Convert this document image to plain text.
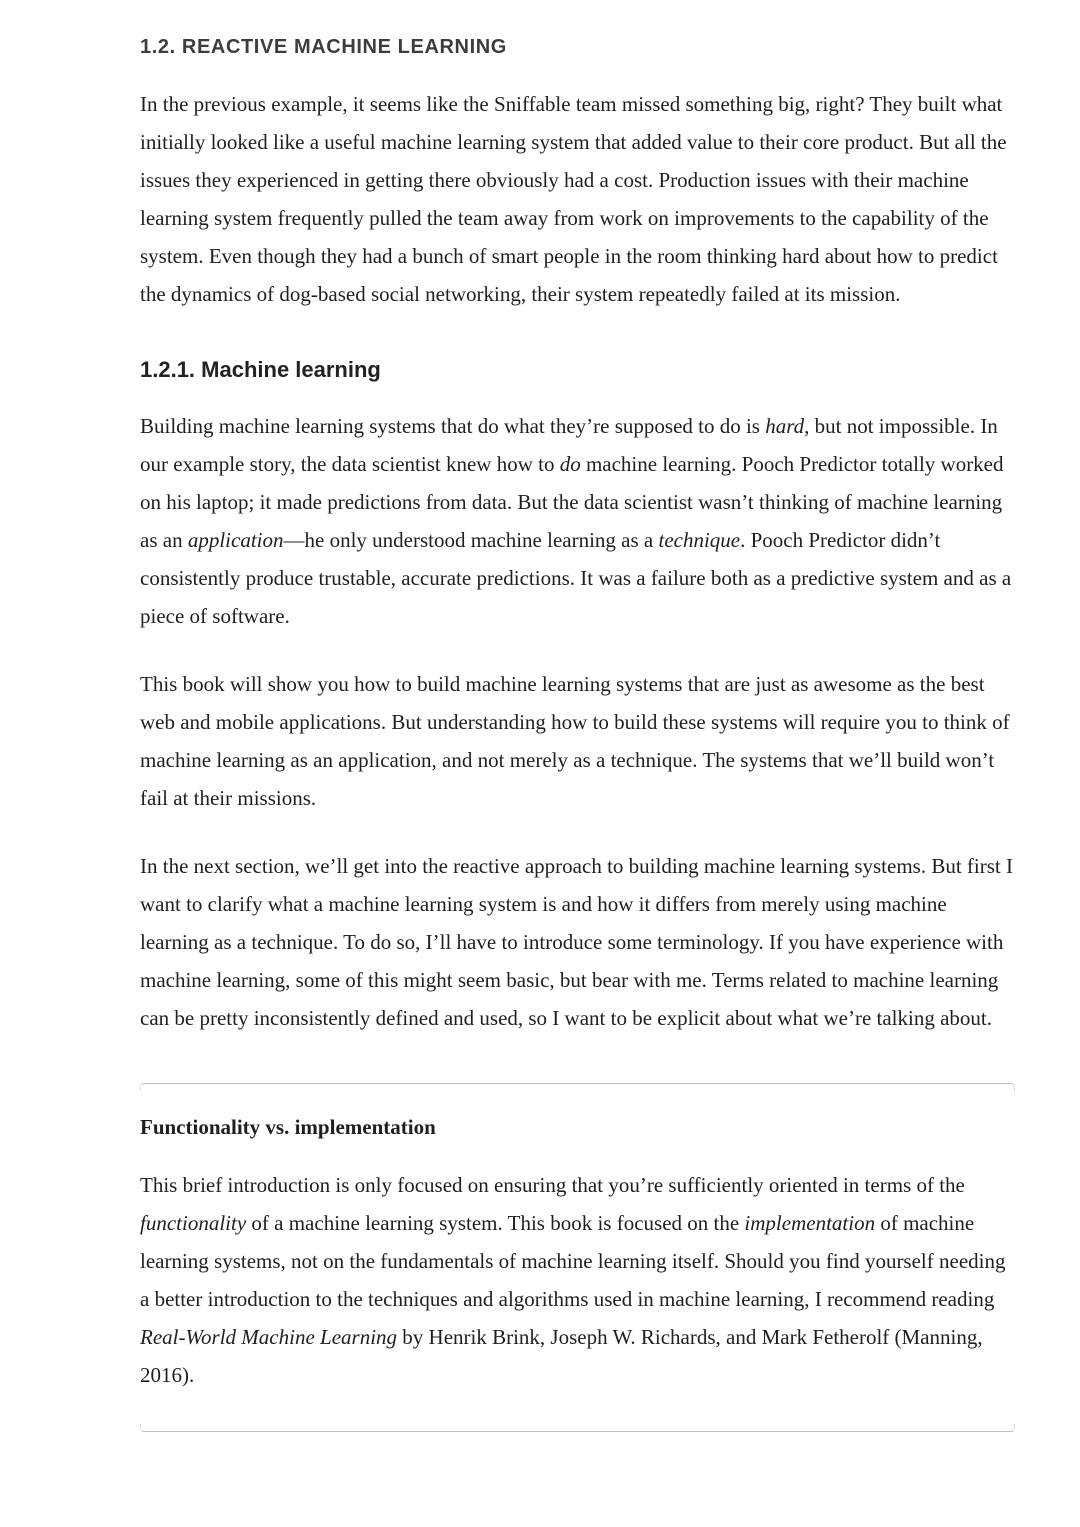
1.2. REACTIVE MACHINE LEARNING

In the previous example, it seems like the Sniffable team missed something big, right? They built what initially looked like a useful machine learning system that added value to their core product. But all the issues they experienced in getting there obviously had a cost. Production issues with their machine learning system frequently pulled the team away from work on improvements to the capability of the system. Even though they had a bunch of smart people in the room thinking hard about how to predict the dynamics of dog-based social networking, their system repeatedly failed at its mission.

1.2.1. Machine learning

Building machine learning systems that do what they’re supposed to do is hard, but not impossible. In our example story, the data scientist knew how to do machine learning. Pooch Predictor totally worked on his laptop; it made predictions from data. But the data scientist wasn’t thinking of machine learning as an application—he only understood machine learning as a technique. Pooch Predictor didn’t consistently produce trustable, accurate predictions. It was a failure both as a predictive system and as a piece of software.

This book will show you how to build machine learning systems that are just as awesome as the best web and mobile applications. But understanding how to build these systems will require you to think of machine learning as an application, and not merely as a technique. The systems that we’ll build won’t fail at their missions.

In the next section, we’ll get into the reactive approach to building machine learning systems. But first I want to clarify what a machine learning system is and how it differs from merely using machine learning as a technique. To do so, I’ll have to introduce some terminology. If you have experience with machine learning, some of this might seem basic, but bear with me. Terms related to machine learning can be pretty inconsistently defined and used, so I want to be explicit about what we’re talking about.

Functionality vs. implementation

This brief introduction is only focused on ensuring that you’re sufficiently oriented in terms of the functionality of a machine learning system. This book is focused on the implementation of machine learning systems, not on the fundamentals of machine learning itself. Should you find yourself needing a better introduction to the techniques and algorithms used in machine learning, I recommend reading Real-World Machine Learning by Henrik Brink, Joseph W. Richards, and Mark Fetherolf (Manning, 2016).
